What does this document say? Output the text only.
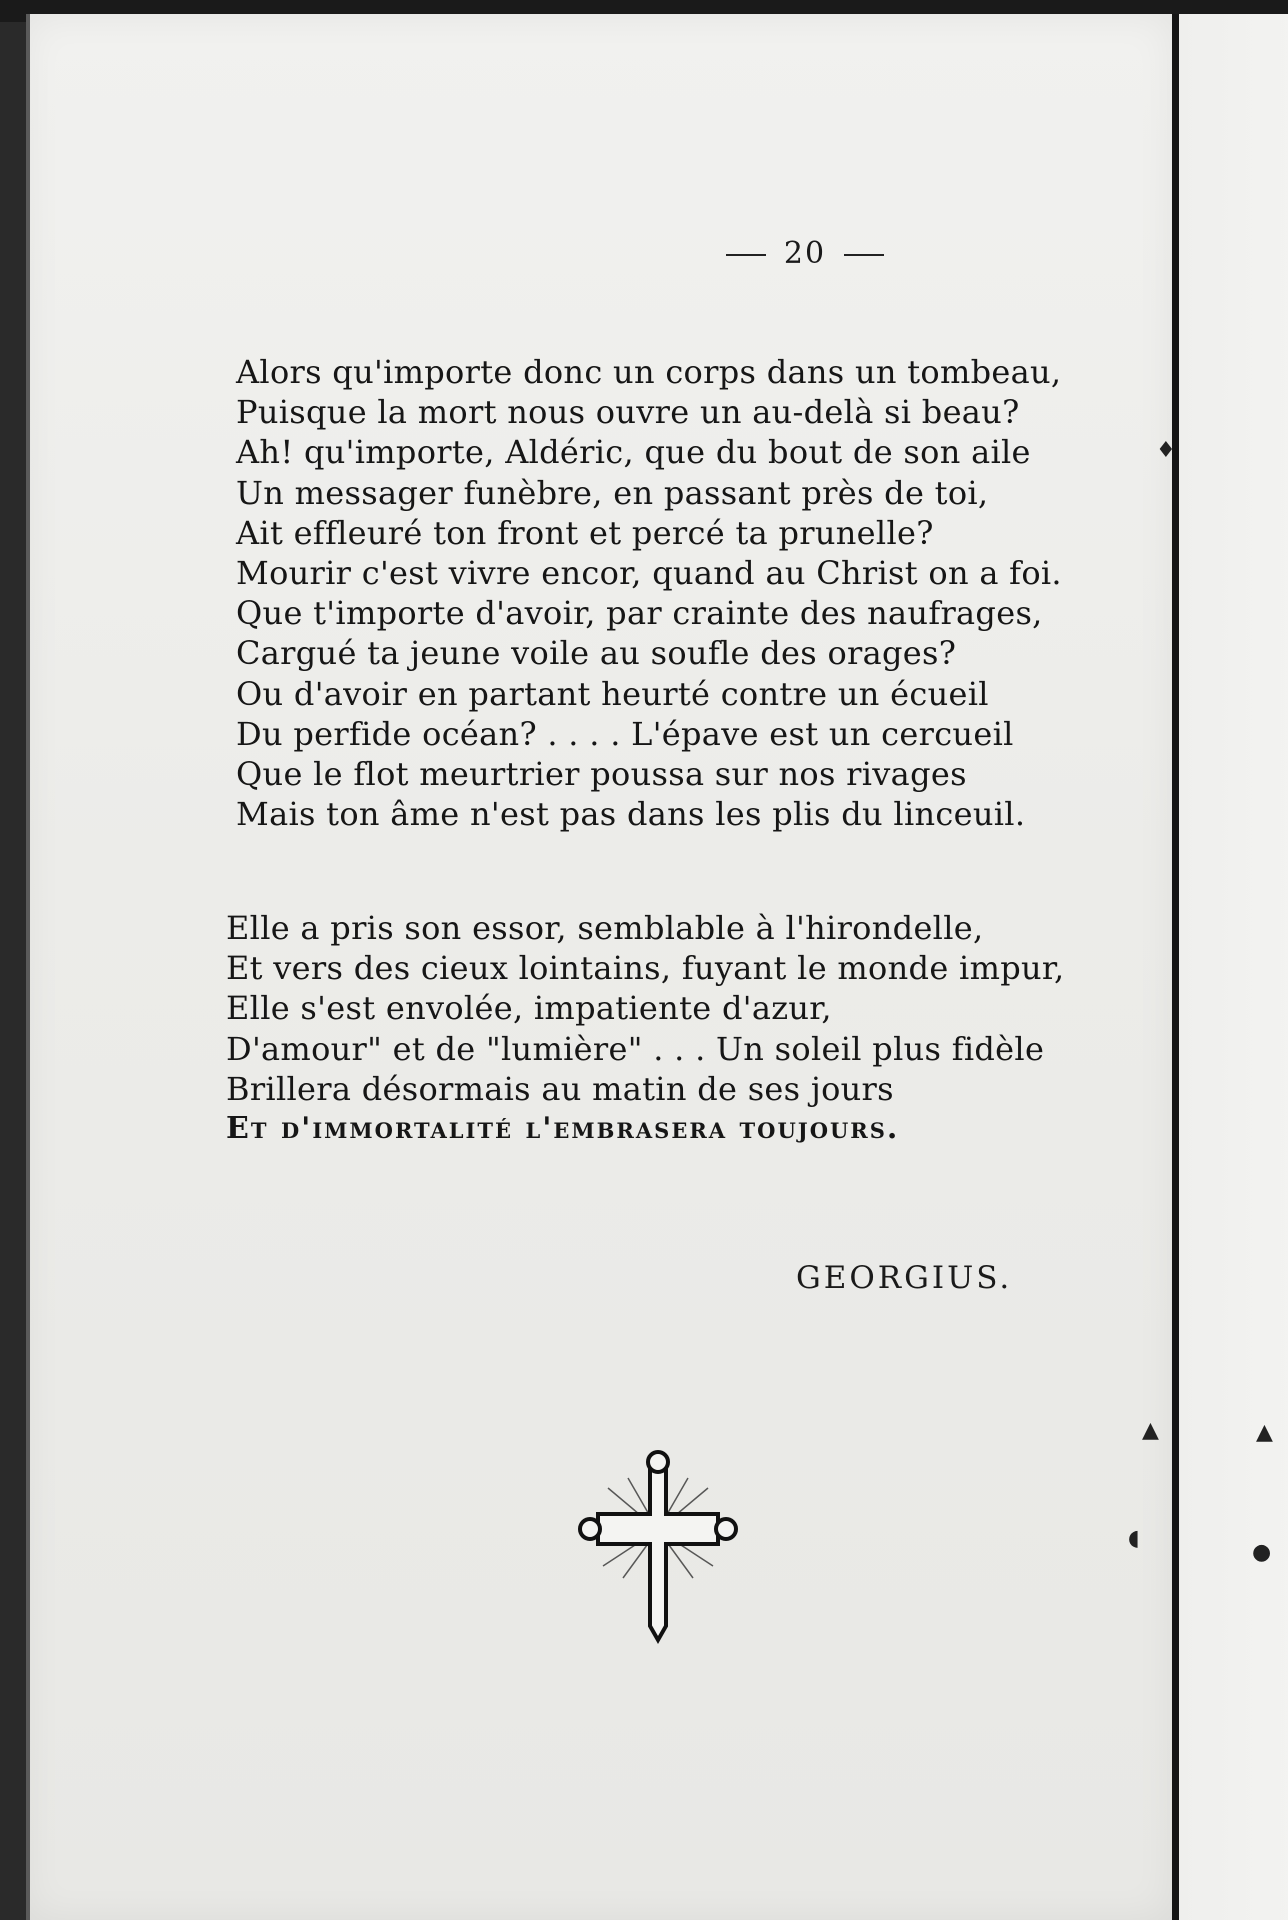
20
Alors qu'importe donc un corps dans un tombeau,
Puisque la mort nous ouvre un au-delà si beau?
Ah! qu'importe, Aldéric, que du bout de son aile
Un messager funèbre, en passant près de toi,
Ait effleuré ton front et percé ta prunelle?
Mourir c'est vivre encor, quand au Christ on a foi.
Que t'importe d'avoir, par crainte des naufrages,
Cargué ta jeune voile au soufle des orages?
Ou d'avoir en partant heurté contre un écueil
Du perfide océan? . . . . L'épave est un cercueil
Que le flot meurtrier poussa sur nos rivages
Mais ton âme n'est pas dans les plis du linceuil.
Elle a pris son essor, semblable à l'hirondelle,
Et vers des cieux lointains, fuyant le monde impur,
Elle s'est envolée, impatiente d'azur,
D'amour" et de "lumière" . . . Un soleil plus fidèle
Brillera désormais au matin de ses jours
Et d'immortalité l'embrasera toujours.
GEORGIUS.
♦
▲
◖
▲
●
